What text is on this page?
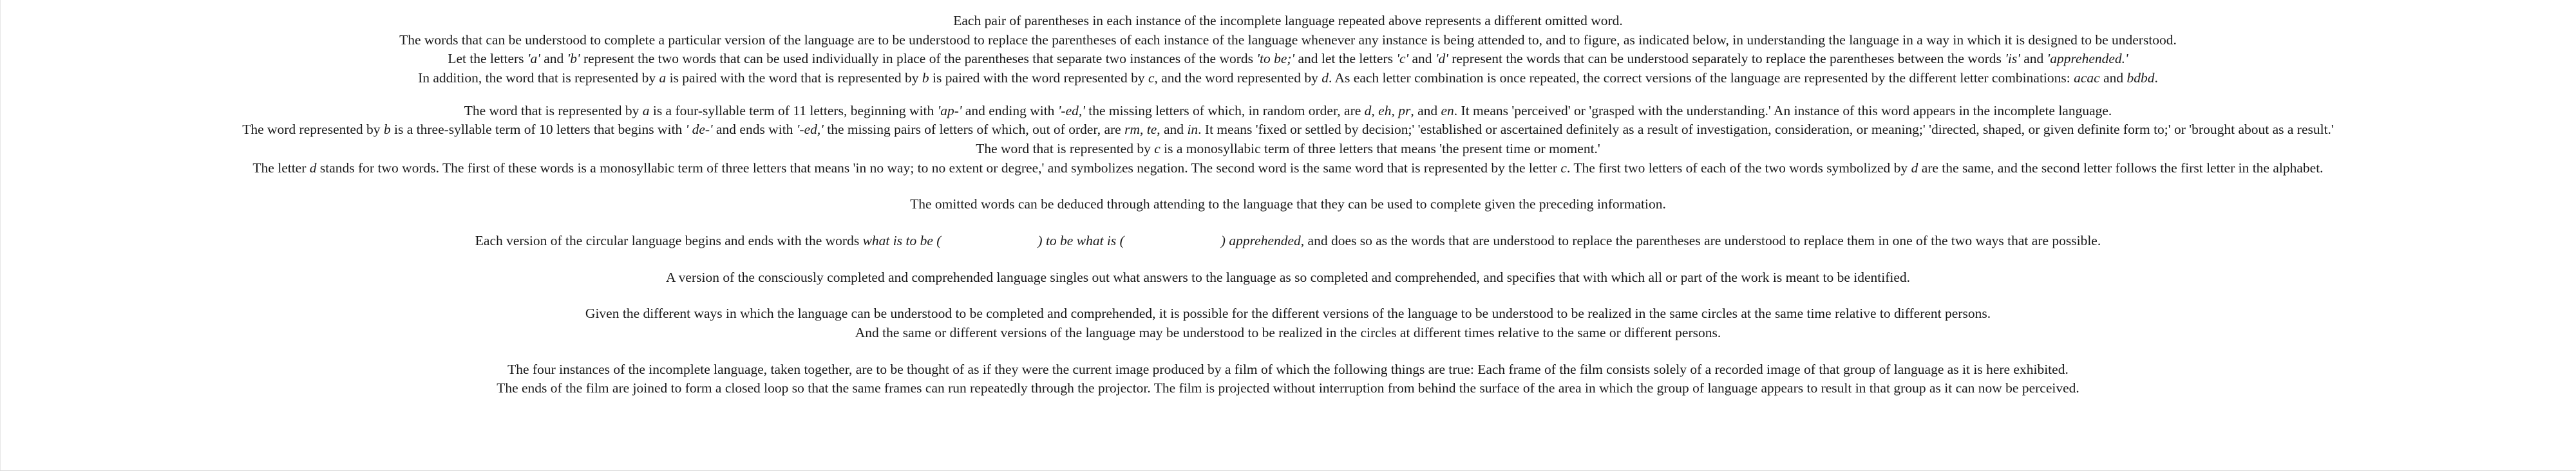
Each pair of parentheses in each instance of the incomplete language repeated above represents a different omitted word.

The words that can be understood to complete a particular version of the language are to be understood to replace the parentheses of each instance of the language whenever any instance is being attended to, and to figure, as indicated below, in understanding the language in a way in which it is designed to be understood.

Let the letters 'a' and 'b' represent the two words that can be used individually in place of the parentheses that separate two instances of the words 'to be;' and let the letters 'c' and 'd' represent the words that can be understood separately to replace the parentheses between the words 'is' and 'apprehended.'

In addition, the word that is represented by a is paired with the word that is represented by b is paired with the word represented by c, and the word represented by d. As each letter combination is once repeated, the correct versions of the language are represented by the different letter combinations: acac and bdbd.

The word that is represented by a is a four-syllable term of 11 letters, beginning with 'ap-' and ending with '-ed,' the missing letters of which, in random order, are d, eh, pr, and en. It means 'perceived' or 'grasped with the understanding.' An instance of this word appears in the incomplete language.

The word represented by b is a three-syllable term of 10 letters that begins with ' de-' and ends with '-ed,' the missing pairs of letters of which, out of order, are rm, te, and in. It means 'fixed or settled by decision;' 'established or ascertained definitely as a result of investigation, consideration, or meaning;' 'directed, shaped, or given definite form to;' or 'brought about as a result.'

The word that is represented by c is a monosyllabic term of three letters that means 'the present time or moment.'

The letter d stands for two words. The first of these words is a monosyllabic term of three letters that means 'in no way; to no extent or degree,' and symbolizes negation. The second word is the same word that is represented by the letter c. The first two letters of each of the two words symbolized by d are the same, and the second letter follows the first letter in the alphabet.

The omitted words can be deduced through attending to the language that they can be used to complete given the preceding information.

Each version of the circular language begins and ends with the words what is to be (	) to be what is (	) apprehended, and does so as the words that are understood to replace the parentheses are understood to replace them in one of the two ways that are possible.

A version of the consciously completed and comprehended language singles out what answers to the language as so completed and comprehended, and specifies that with which all or part of the work is meant to be identified.

Given the different ways in which the language can be understood to be completed and comprehended, it is possible for the different versions of the language to be understood to be realized in the same circles at the same time relative to different persons.

And the same or different versions of the language may be understood to be realized in the circles at different times relative to the same or different persons.

The four instances of the incomplete language, taken together, are to be thought of as if they were the current image produced by a film of which the following things are true: Each frame of the film consists solely of a recorded image of that group of language as it is here exhibited.

The ends of the film are joined to form a closed loop so that the same frames can run repeatedly through the projector. The film is projected without interruption from behind the surface of the area in which the group of language appears to result in that group as it can now be perceived.
